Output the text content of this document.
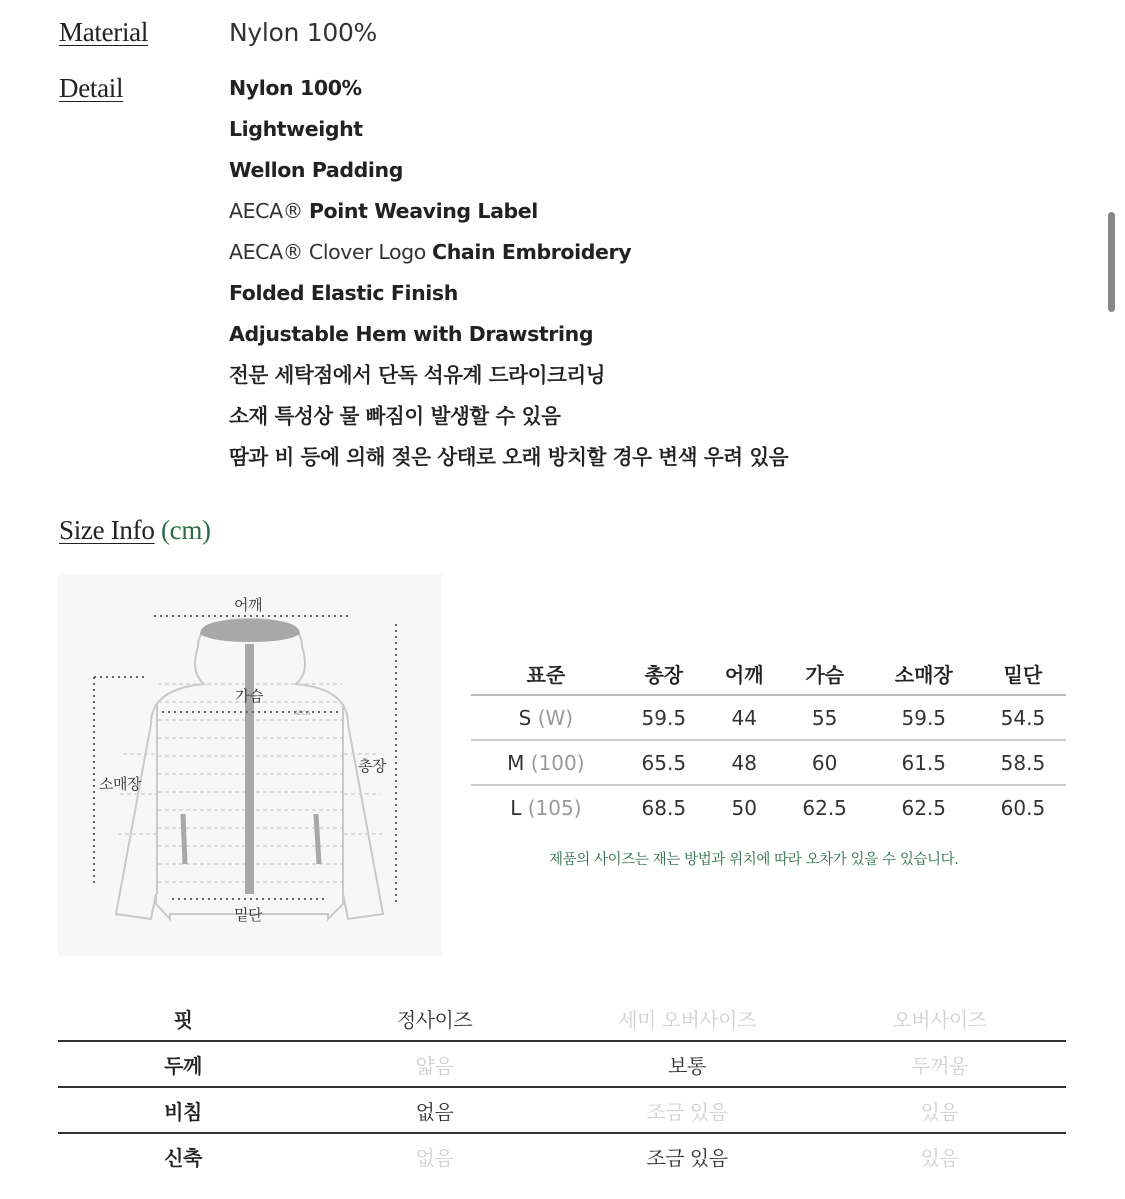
Material	Nylon 100%
Detail	Nylon 100%
Lightweight
Wellon Padding
AECA® Point Weaving Label
AECA® Clover Logo Chain Embroidery
Folded Elastic Finish
Adjustable Hem with Drawstring
전문 세탁점에서 단독 석유계 드라이크리닝
소재 특성상 물 빠짐이 발생할 수 있음
땀과 비 등에 의해 젖은 상태로 오래 방치할 경우 변색 우려 있음
Size Info (cm)
AECA
어깨
가슴
총장
소매장
밑단
표준	총장	어깨	가슴	소매장	밑단
S (W)	59.5	44	55	59.5	54.5
M (100)	65.5	48	60	61.5	58.5
L (105)	68.5	50	62.5	62.5	60.5
제품의 사이즈는 재는 방법과 위치에 따라 오차가 있을 수 있습니다.
핏	정사이즈	세미 오버사이즈	오버사이즈
두께	얇음	보통	두꺼움
비침	없음	조금 있음	있음
신축	없음	조금 있음	있음
